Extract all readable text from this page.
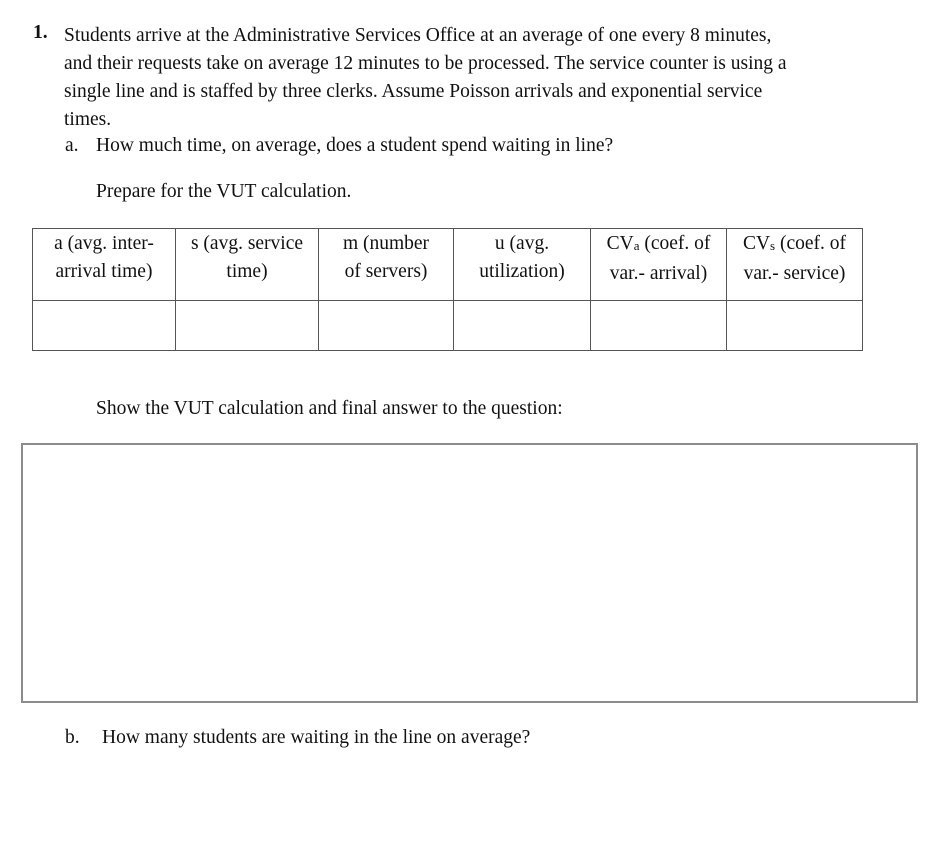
1. Students arrive at the Administrative Services Office at an average of one every 8 minutes,
and their requests take on average 12 minutes to be processed. The service counter is using a
single line and is staffed by three clerks. Assume Poisson arrivals and exponential service
times.
a. How much time, on average, does a student spend waiting in line?
Prepare for the VUT calculation.
a (avg. inter-
arrival time)	s (avg. service
time)	m (number
of servers)	u (avg.
utilization)	$CV_a$ (coef. of
var.- arrival)	$CV_s$ (coef. of
var.- service)

Show the VUT calculation and final answer to the question:
b. How many students are waiting in the line on average?
